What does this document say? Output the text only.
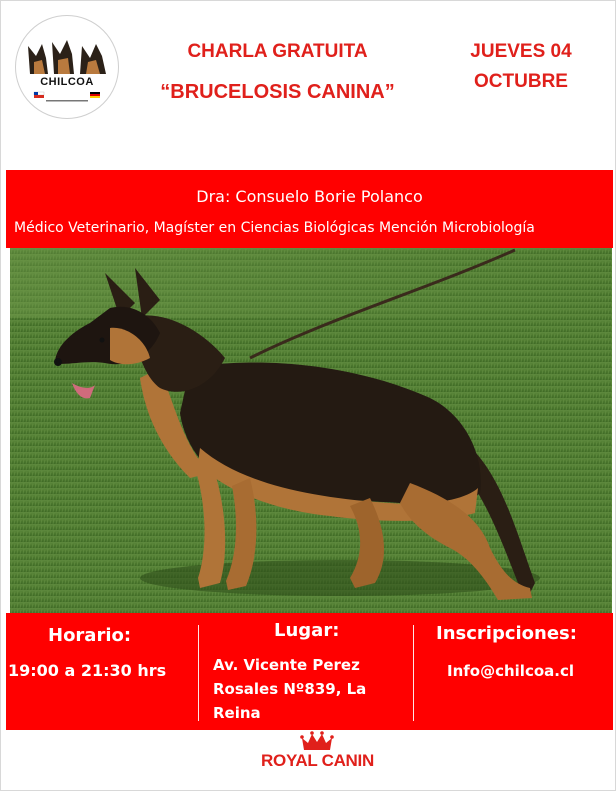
CHILCOA
CHARLA GRATUITA
“BRUCELOSIS CANINA”
JUEVES 04
OCTUBRE
Dra: Consuelo Borie Polanco
Médico Veterinario, Magíster en Ciencias Biológicas Mención Microbiología
Horario:
19:00 a 21:30 hrs
Lugar:
Av. Vicente Perez
Rosales Nº839, La
Reina
Inscripciones:
Info@chilcoa.cl
ROYAL CANIN
